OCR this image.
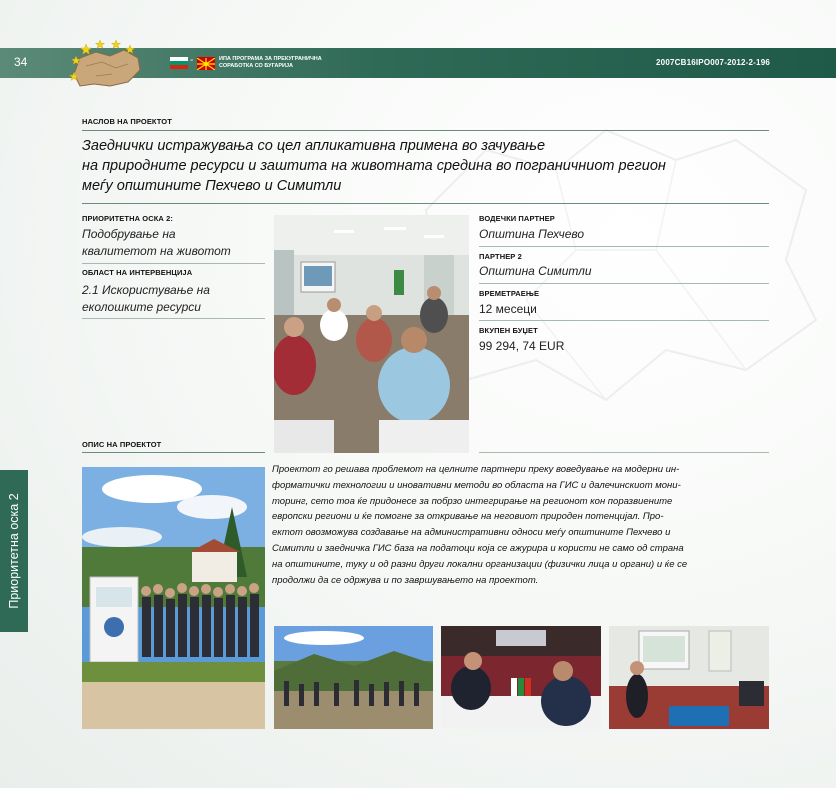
34	-	ИПА ПРОГРАМА ЗА ПРЕКУГРАНИЧНА СОРАБОТКА СО БУГАРИЈА	2007CB16IPO007-2012-2-196
НАСЛОВ НА ПРОЕКТОТ
Заеднички истражувања со цел апликативна примена во зачување
на природните ресурси и заштита на животната средина во пограничниот регион
меѓу општините Пехчево и Симитли
ПРИОРИТЕТНА ОСКА 2:
Подобрување на
квалитетот на животот
ОБЛАСТ НА ИНТЕРВЕНЦИЈА
2.1 Искористување на
еколошките ресурси
ВОДЕЧКИ ПАРТНЕР
Општина Пехчево
ПАРТНЕР 2
Општина Симитли
ВРЕМЕТРАЕЊЕ
12 месеци
ВКУПЕН БУЏЕТ
99 294, 74 EUR
ОПИС НА ПРОЕКТОТ
Приоритетна оска 2
Проектот го решава проблемот на целните партнери преку воведување на модерни ин-
форматички технологии и иновативни методи во областа на ГИС и далечинскиот мони-
торинг, сето тоа ќе придонесе за побрзо интегрирање на регионот кон поразвиените
европски региони и ќе помогне за откривање на неговиот природен потенцијал. Про-
ектот овозможува создавање на административни односи меѓу општините Пехчево и
Симитли и заедничка ГИС база на податоци која се ажурира и користи не само од страна
на општините, туку и од разни други локални организации (физички лица и органи) и ќе се
продолжи да се одржува и по завршувањето на проектот.
